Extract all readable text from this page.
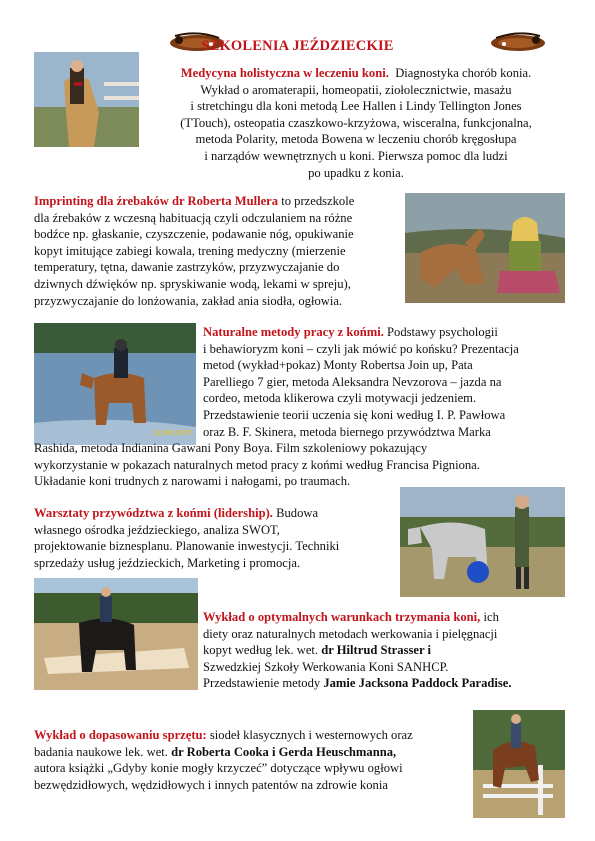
SZKOLENIA JEŹDZIECKIE
Medycyna holistyczna w leczeniu koni. Diagnostyka chorób konia.
Wykład o aromaterapii, homeopatii, ziołolecznictwie, masażu
i stretchingu dla koni metodą Lee Hallen i Lindy Tellington Jones
(TTouch), osteopatia czaszkowo-krzyżowa, wisceralna, funkcjonalna,
metoda Polarity, metoda Bowena w leczeniu chorób kręgosłupa
i narządów wewnętrznych u koni. Pierwsza pomoc dla ludzi
po upadku z konia.
Imprinting dla źrebaków dr Roberta Mullera to przedszkole
dla źrebaków z wczesną habituacją czyli odczulaniem na różne
bodźce np. głaskanie, czyszczenie, podawanie nóg, opukiwanie
kopyt imitujące zabiegi kowala, trening medyczny (mierzenie
temperatury, tętna, dawanie zastrzyków, przyzwyczajanie do
dziwnych dźwięków np. spryskiwanie wodą, lekami w spreju),
przyzwyczajanie do lonżowania, zakład ania siodła, ogłowia.
12/08/2007
Naturalne metody pracy z końmi. Podstawy psychologii
i behawioryzm koni – czyli jak mówić po końsku? Prezentacja
metod (wykład+pokaz) Monty Robertsa Join up, Pata
Parelliego 7 gier, metoda Aleksandra Nevzorova – jazda na
cordeo, metoda klikerowa czyli motywacji jedzeniem.
Przedstawienie teorii uczenia się koni według I. P. Pawłowa
oraz B. F. Skinera, metoda biernego przywództwa Marka
Rashida, metoda Indianina Gawani Pony Boya. Film szkoleniowy pokazujący
wykorzystanie w pokazach naturalnych metod pracy z końmi według Francisa Pigniona.
Układanie koni trudnych z narowami i nałogami, po traumach.
Warsztaty przywództwa z końmi (lidership). Budowa
własnego ośrodka jeździeckiego, analiza SWOT,
projektowanie biznesplanu. Planowanie inwestycji. Techniki
sprzedaży usług jeździeckich, Marketing i promocja.
Wykład o optymalnych warunkach trzymania koni, ich
diety oraz naturalnych metodach werkowania i pielęgnacji
kopyt według lek. wet. dr Hiltrud Strasser i
Szwedzkiej Szkoły Werkowania Koni SANHCP.
Przedstawienie metody Jamie Jacksona Paddock Paradise.
Wykład o dopasowaniu sprzętu: siodeł klasycznych i westernowych oraz
badania naukowe lek. wet. dr Roberta Cooka i Gerda Heuschmanna,
autora książki „Gdyby konie mogły krzyczeć” dotyczące wpływu ogłowi
bezwędzidłowych, wędzidłowych i innych patentów na zdrowie konia
